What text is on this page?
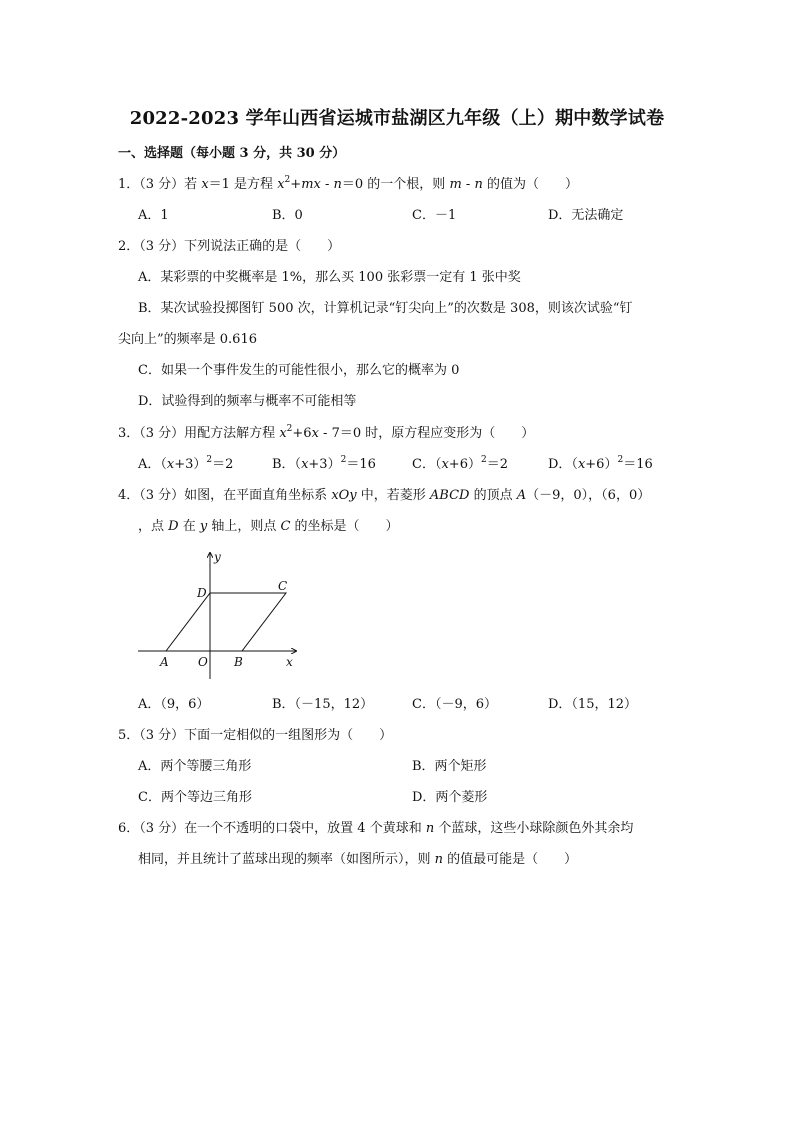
2022-2023 学年山西省运城市盐湖区九年级（上）期中数学试卷
一、选择题（每小题 3 分，共 30 分）
1．（3 分）若 x＝1 是方程 $x^2+mx - n=0$ 的一个根，则 m - n 的值为（　　）
A．1	B．0	C．－1	D．无法确定
2．（3 分）下列说法正确的是（　　）
A．某彩票的中奖概率是 1%，那么买 100 张彩票一定有 1 张中奖
B．某次试验投掷图钉 500 次，计算机记录“钉尖向上”的次数是 308，则该次试验“钉
尖向上”的频率是 0.616
C．如果一个事件发生的可能性很小，那么它的概率为 0
D．试验得到的频率与概率不可能相等
3．（3 分）用配方法解方程 $x^2+6x - 7=0$ 时，原方程应变形为（　　）
A．$(x+3)^2=2$	B．$(x+3)^2=16$	C．$(x+6)^2=2$	D．$(x+6)^2=16$
4．（3 分）如图，在平面直角坐标系 xOy 中，若菱形 ABCD 的顶点 A（－9，0），（6，0）
，点 D 在 y 轴上，则点 C 的坐标是（　　）
y
x
D	C
A O B
A．（9，6）	B．（－15，12）	C．（－9，6）	D．（15，12）
5．（3 分）下面一定相似的一组图形为（　　）
A．两个等腰三角形	B．两个矩形
C．两个等边三角形	D．两个菱形
6．（3 分）在一个不透明的口袋中，放置 4 个黄球和 n 个蓝球，这些小球除颜色外其余均
相同，并且统计了蓝球出现的频率（如图所示），则 n 的值最可能是（　　）
